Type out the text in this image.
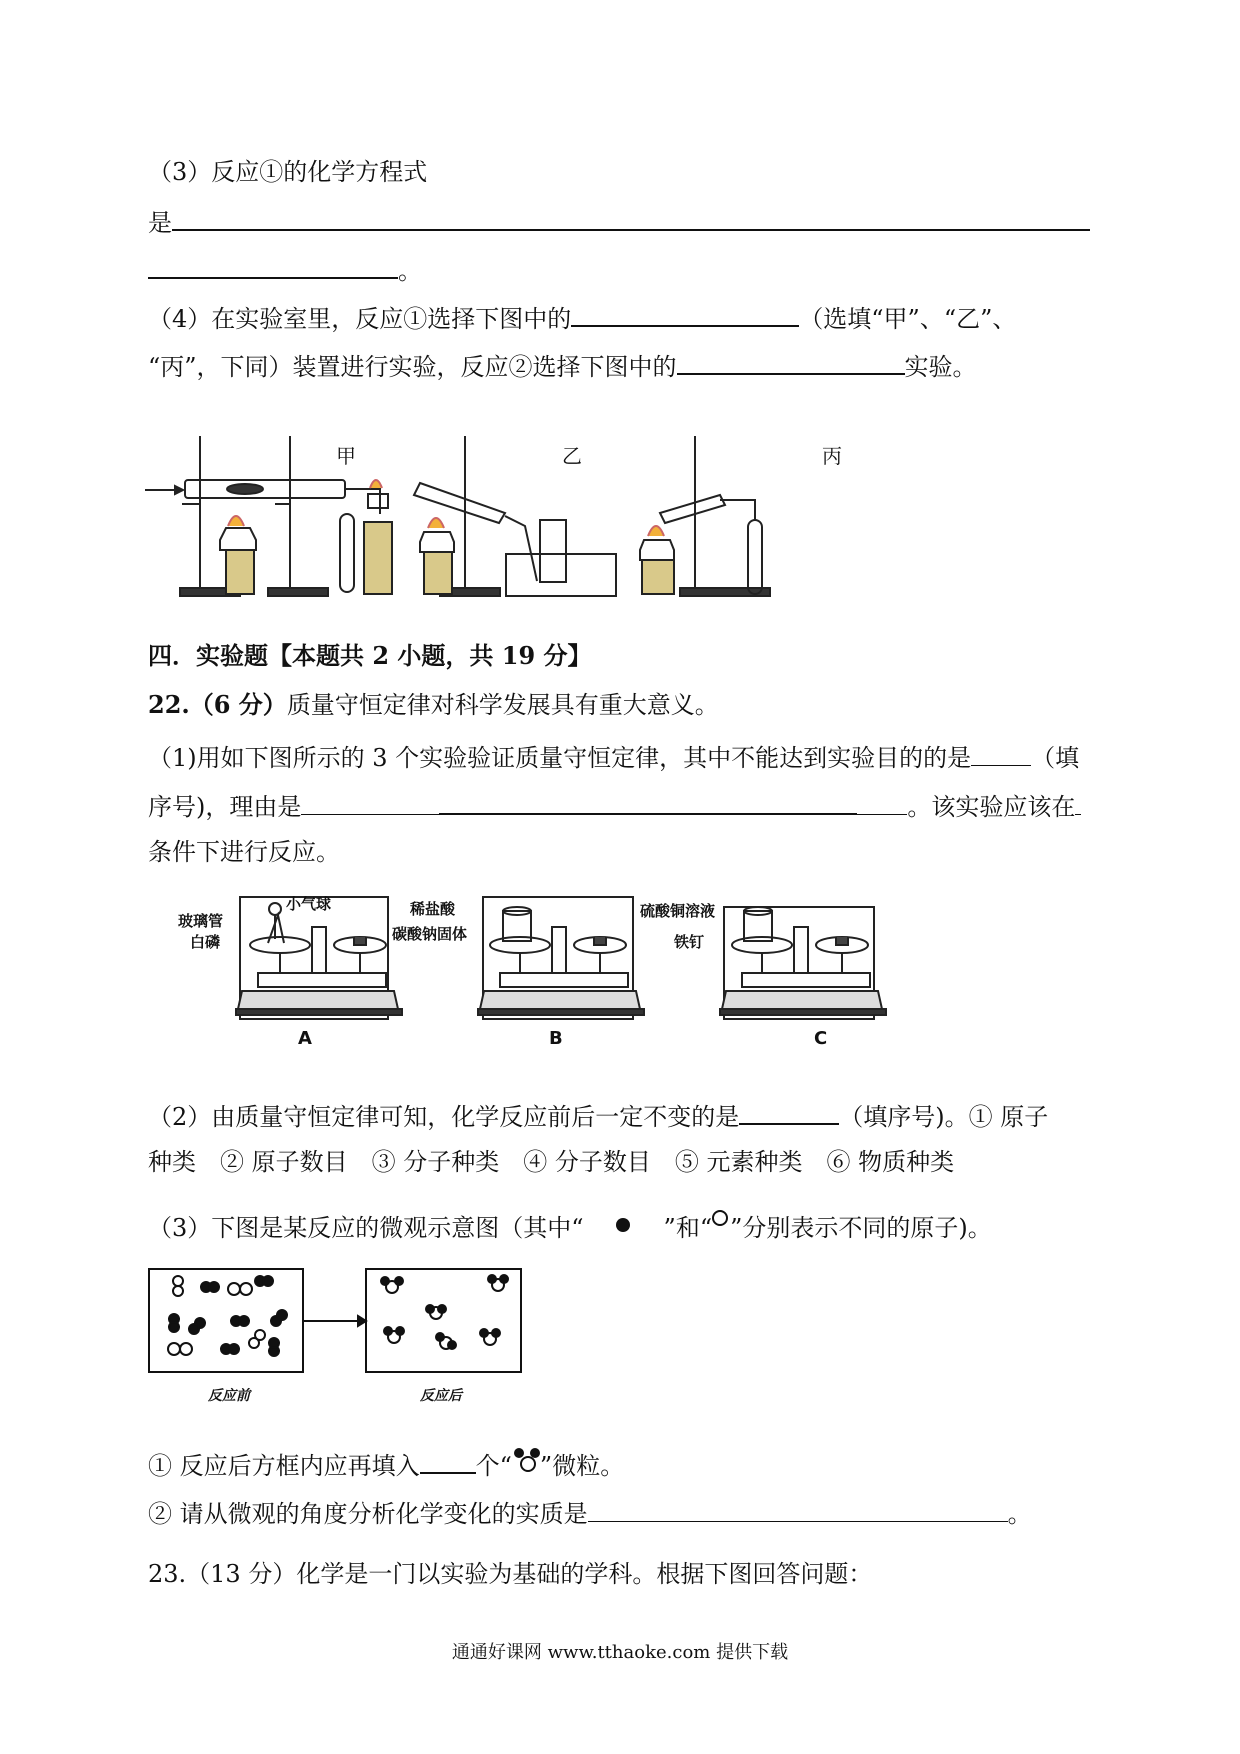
（3）反应①的化学方程式
是
。
（4）在实验室里，反应①选择下图中的	（选填“甲”、“乙”、
“丙”，下同）装置进行实验，反应②选择下图中的	实验。
甲	乙	丙
四．实验题【本题共 2 小题，共 19 分】
22.（6 分）质量守恒定律对科学发展具有重大意义。
（1)用如下图所示的 3 个实验验证质量守恒定律，其中不能达到实验目的的是	（填
序号)，理由是	。该实验应该在
条件下进行反应。
玻璃管
白磷
小气球	稀盐酸
碳酸钠固体
硫酸铜溶液
铁钉
A	B	C
（2）由质量守恒定律可知，化学反应前后一定不变的是	（填序号)。① 原子
种类　② 原子数目　③ 分子种类　④ 分子数目　⑤ 元素种类　⑥ 物质种类
（3）下图是某反应的微观示意图（其中“	”和“ ”分别表示不同的原子)。
反应前	反应后
① 反应后方框内应再填入 个“ ”微粒。
② 请从微观的角度分析化学变化的实质是	。
23.（13 分）化学是一门以实验为基础的学科。根据下图回答问题：
通通好课网 www.tthaoke.com 提供下载
